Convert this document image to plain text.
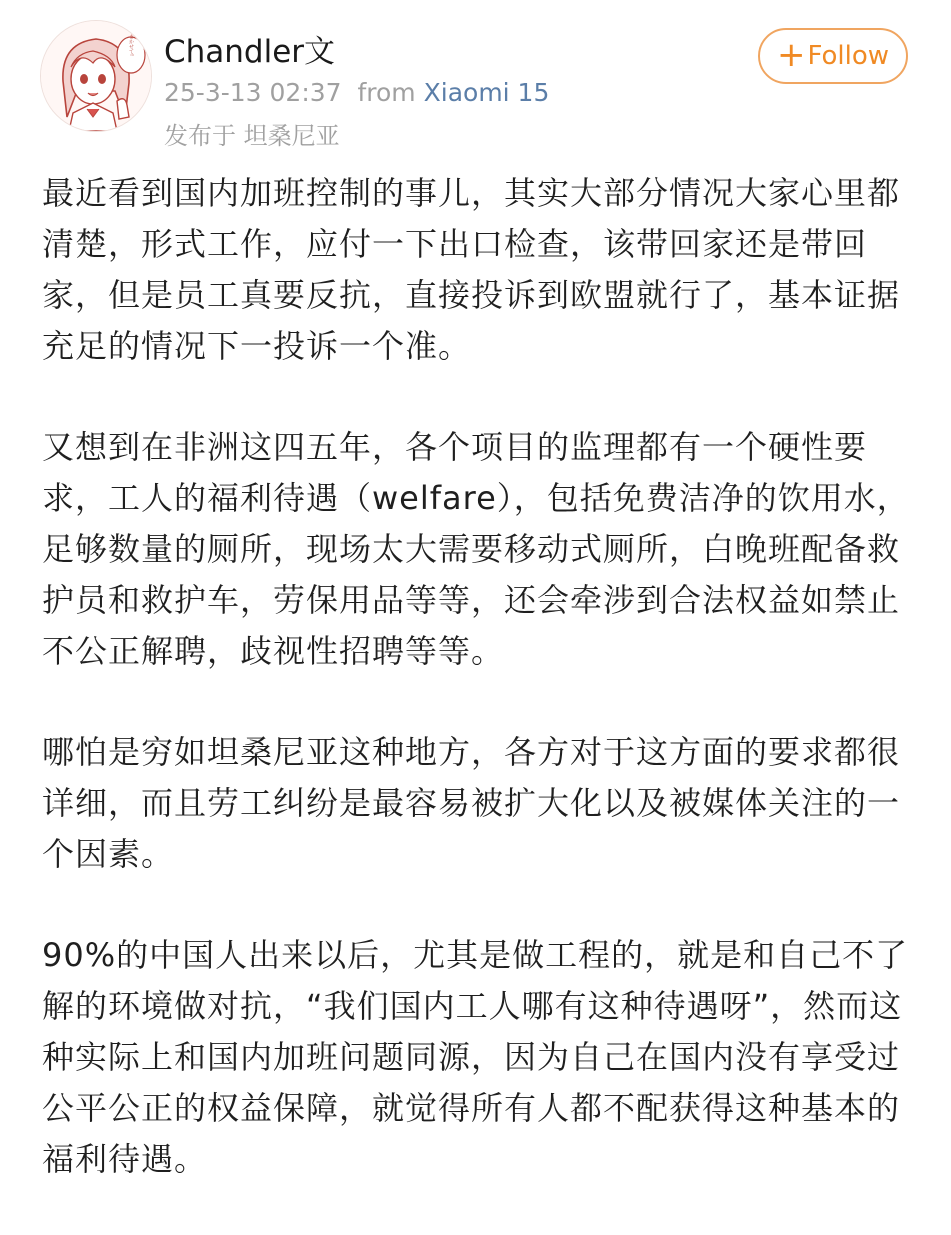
まかせて! Chandler文
25-3-13 02:37 from Xiaomi 15
发布于 坦桑尼亚
+ Follow

最近看到国内加班控制的事儿，其实大部分情况大家心里都清楚，形式工作，应付一下出口检查，该带回家还是带回家，但是员工真要反抗，直接投诉到欧盟就行了，基本证据充足的情况下一投诉一个准。

又想到在非洲这四五年，各个项目的监理都有一个硬性要求，工人的福利待遇（welfare），包括免费洁净的饮用水，足够数量的厕所，现场太大需要移动式厕所，白晚班配备救护员和救护车，劳保用品等等，还会牵涉到合法权益如禁止不公正解聘，歧视性招聘等等。

哪怕是穷如坦桑尼亚这种地方，各方对于这方面的要求都很详细，而且劳工纠纷是最容易被扩大化以及被媒体关注的一个因素。

90%的中国人出来以后，尤其是做工程的，就是和自己不了解的环境做对抗，“我们国内工人哪有这种待遇呀”，然而这种实际上和国内加班问题同源，因为自己在国内没有享受过公平公正的权益保障，就觉得所有人都不配获得这种基本的福利待遇。
